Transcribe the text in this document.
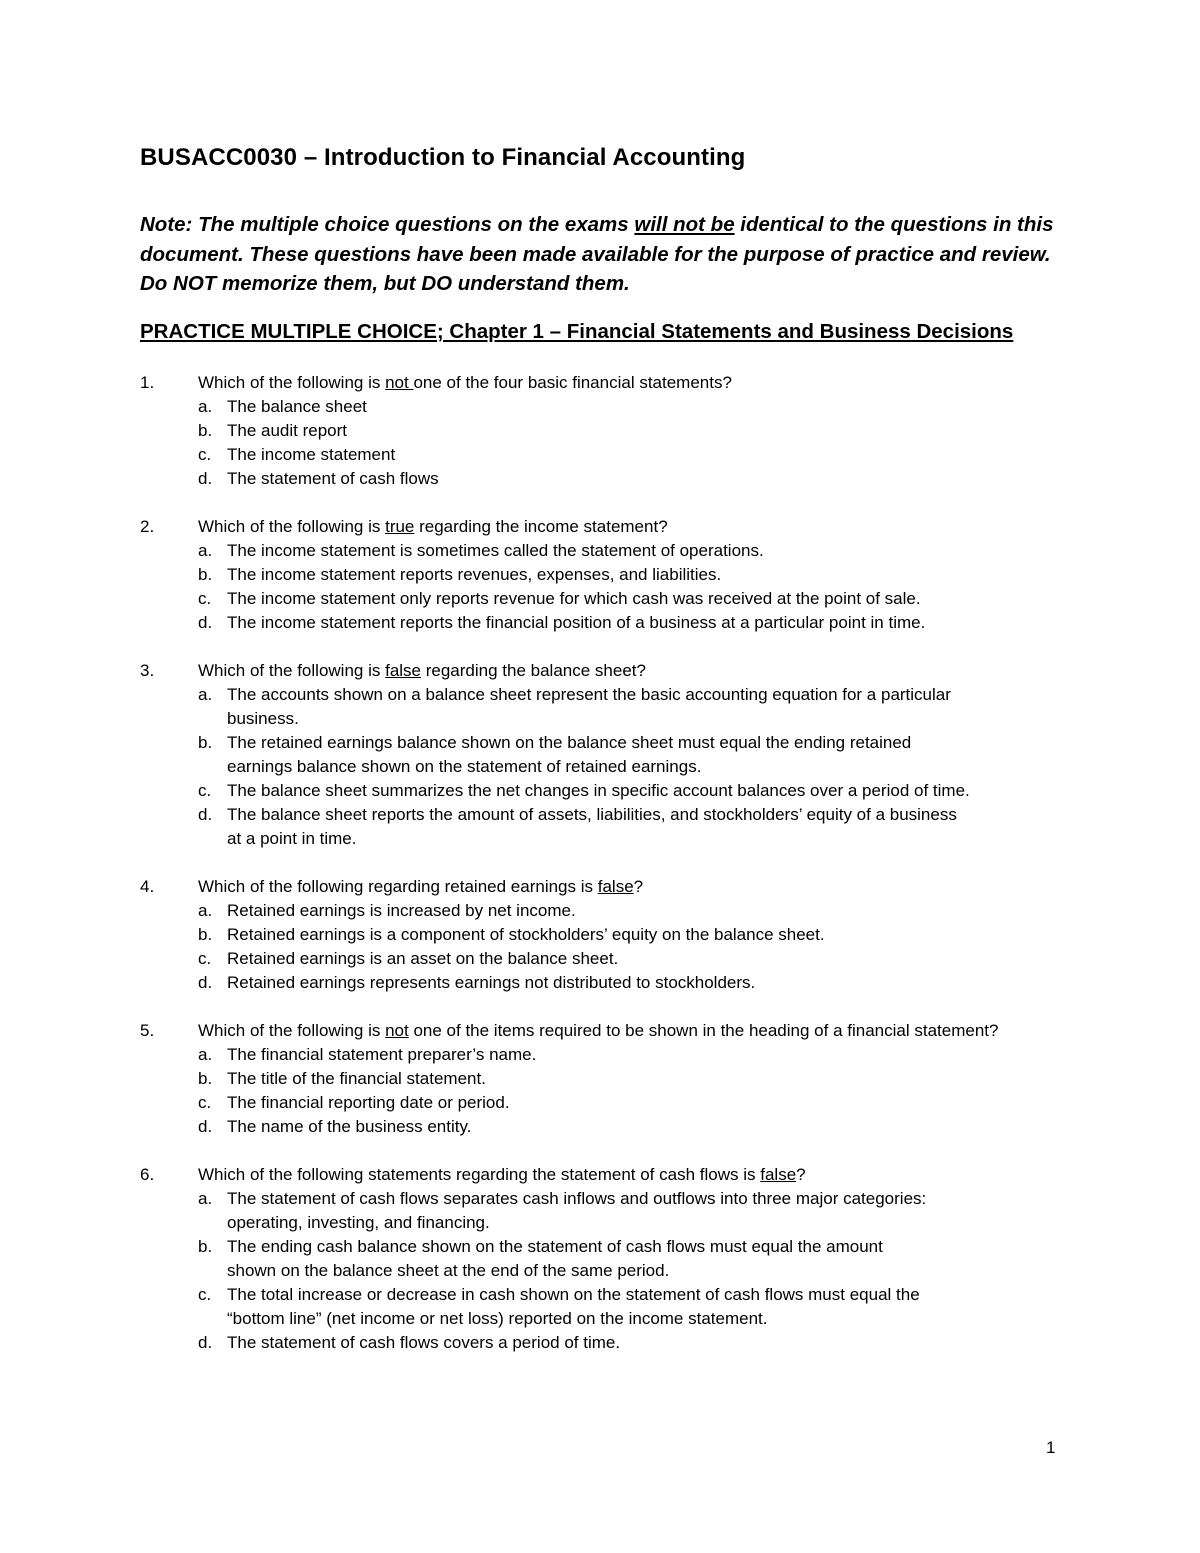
BUSACC0030 – Introduction to Financial Accounting
Note: The multiple choice questions on the exams will not be identical to the questions in this
document. These questions have been made available for the purpose of practice and review.
Do NOT memorize them, but DO understand them.
PRACTICE MULTIPLE CHOICE; Chapter 1 – Financial Statements and Business Decisions
1.	Which of the following is not one of the four basic financial statements?
a. The balance sheet
b. The audit report
c. The income statement
d. The statement of cash flows
2.	Which of the following is true regarding the income statement?
a. The income statement is sometimes called the statement of operations.
b. The income statement reports revenues, expenses, and liabilities.
c. The income statement only reports revenue for which cash was received at the point of sale.
d. The income statement reports the financial position of a business at a particular point in time.
3.	Which of the following is false regarding the balance sheet?
a. The accounts shown on a balance sheet represent the basic accounting equation for a particular
business.
b. The retained earnings balance shown on the balance sheet must equal the ending retained
earnings balance shown on the statement of retained earnings.
c. The balance sheet summarizes the net changes in specific account balances over a period of time.
d. The balance sheet reports the amount of assets, liabilities, and stockholders’ equity of a business
at a point in time.
4.	Which of the following regarding retained earnings is false?
a. Retained earnings is increased by net income.
b. Retained earnings is a component of stockholders’ equity on the balance sheet.
c. Retained earnings is an asset on the balance sheet.
d. Retained earnings represents earnings not distributed to stockholders.
5.	Which of the following is not one of the items required to be shown in the heading of a financial statement?
a. The financial statement preparer’s name.
b. The title of the financial statement.
c. The financial reporting date or period.
d. The name of the business entity.
6.	Which of the following statements regarding the statement of cash flows is false?
a. The statement of cash flows separates cash inflows and outflows into three major categories:
operating, investing, and financing.
b. The ending cash balance shown on the statement of cash flows must equal the amount
shown on the balance sheet at the end of the same period.
c. The total increase or decrease in cash shown on the statement of cash flows must equal the
“bottom line” (net income or net loss) reported on the income statement.
d. The statement of cash flows covers a period of time.
1
